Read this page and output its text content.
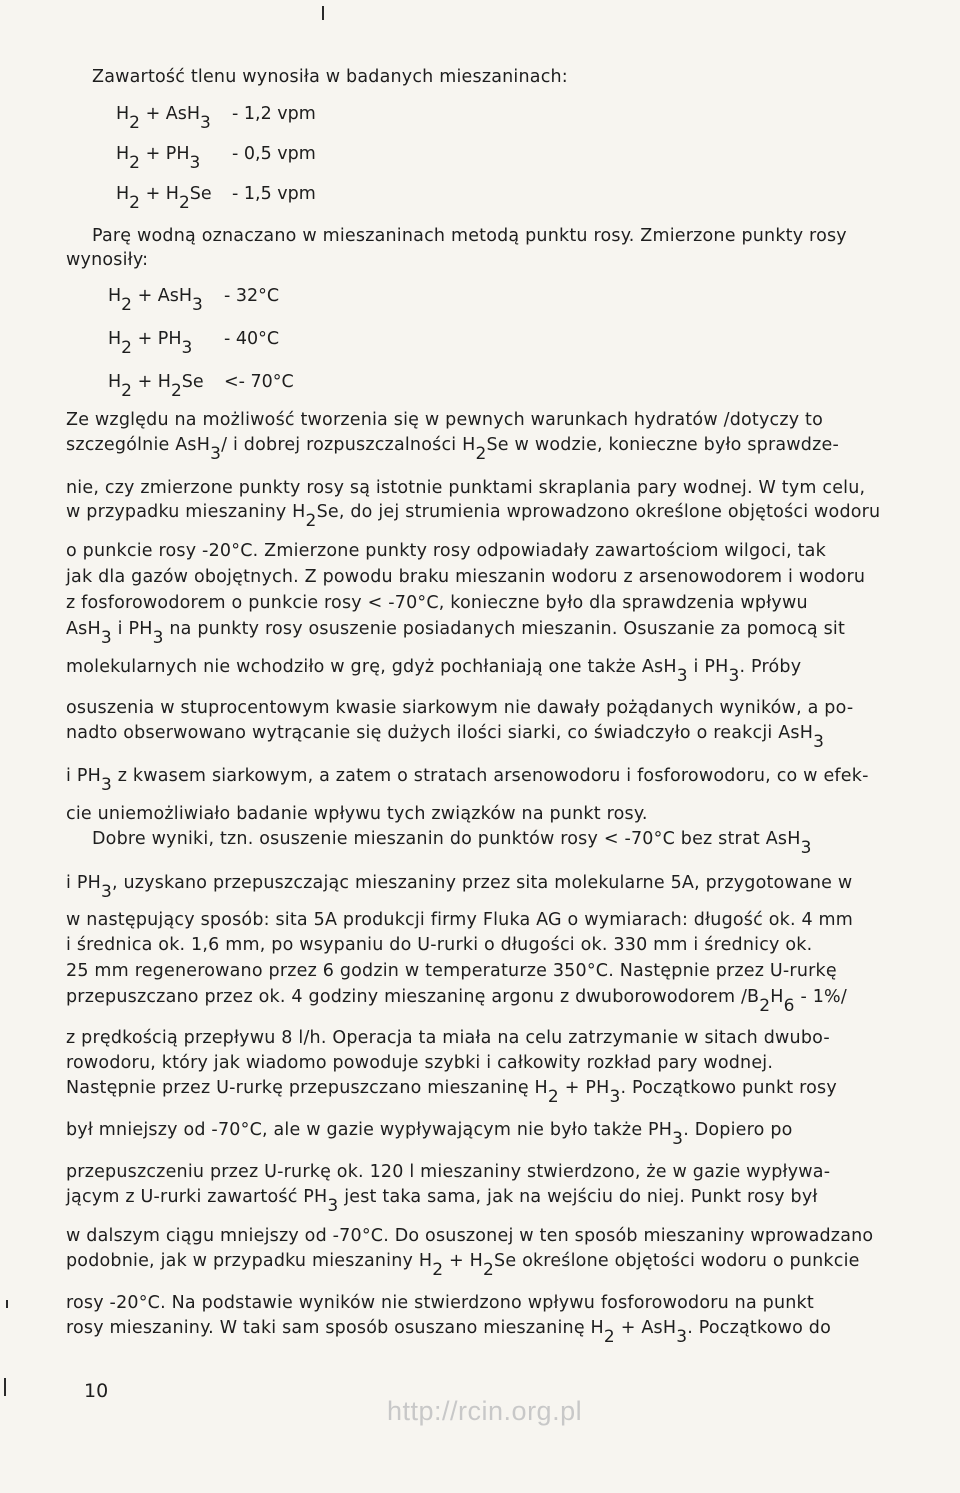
Zawartość tlenu wynosiła w badanych mieszaninach:
$H_2 + AsH_3 - 1,2$ vpm
$H_2 + PH_3 - 0,5$ vpm
$H_2 + H_2Se - 1,5$ vpm
Parę wodną oznaczano w mieszaninach metodą punktu rosy. Zmierzone punkty rosy
wynosiły:
$H_2 + AsH_3 - 32^\circ C$
$H_2 + PH_3 - 40^\circ C$
$H_2 + H_2Se <- 70^\circ C$
Ze względu na możliwość tworzenia się w pewnych warunkach hydratów /dotyczy to
szczególnie AsH$_3$/ i dobrej rozpuszczalności $H_2Se$ w wodzie, konieczne było sprawdze-
nie, czy zmierzone punkty rosy są istotnie punktami skraplania pary wodnej. W tym celu,
w przypadku mieszaniny $H_2Se$, do jej strumienia wprowadzono określone objętości wodoru
o punkcie rosy -20°C. Zmierzone punkty rosy odpowiadały zawartościom wilgoci, tak
jak dla gazów obojętnych. Z powodu braku mieszanin wodoru z arsenowodorem i wodoru
z fosforowodorem o punkcie rosy < -70°C, konieczne było dla sprawdzenia wpływu
AsH$_3$ i $PH_3$ na punkty rosy osuszenie posiadanych mieszanin. Osuszanie za pomocą sit
molekularnych nie wchodziło w grę, gdyż pochłaniają one także AsH$_3$ i $PH_3$. Próby
osuszenia w stuprocentowym kwasie siarkowym nie dawały pożądanych wyników, a po-
nadto obserwowano wytrącanie się dużych ilości siarki, co świadczyło o reakcji AsH$_3$
i $PH_3$ z kwasem siarkowym, a zatem o stratach arsenowodoru i fosforowodoru, co w efek-
cie uniemożliwiało badanie wpływu tych związków na punkt rosy.
Dobre wyniki, tzn. osuszenie mieszanin do punktów rosy < -70°C bez strat AsH$_3$
i $PH_3$, uzyskano przepuszczając mieszaniny przez sita molekularne 5A, przygotowane w
w następujący sposób: sita 5A produkcji firmy Fluka AG o wymiarach: długość ok. 4 mm
i średnica ok. 1,6 mm, po wsypaniu do U-rurki o długości ok. 330 mm i średnicy ok.
25 mm regenerowano przez 6 godzin w temperaturze 350°C. Następnie przez U-rurkę
przepuszczano przez ok. 4 godziny mieszaninę argonu z dwuborowodorem $/B_2H_6 - 1\%/$
z prędkością przepływu 8 l/h. Operacja ta miała na celu zatrzymanie w sitach dwubo-
rowodoru, który jak wiadomo powoduje szybki i całkowity rozkład pary wodnej.
Następnie przez U-rurkę przepuszczano mieszaninę $H_2 + PH_3$. Początkowo punkt rosy
był mniejszy od -70°C, ale w gazie wypływającym nie było także $PH_3$. Dopiero po
przepuszczeniu przez U-rurkę ok. 120 l mieszaniny stwierdzono, że w gazie wypływa-
jącym z U-rurki zawartość $PH_3$ jest taka sama, jak na wejściu do niej. Punkt rosy był
w dalszym ciągu mniejszy od -70°C. Do osuszonej w ten sposób mieszaniny wprowadzano
podobnie, jak w przypadku mieszaniny $H_2 + H_2Se$ określone objętości wodoru o punkcie
rosy -20°C. Na podstawie wyników nie stwierdzono wpływu fosforowodoru na punkt
rosy mieszaniny. W taki sam sposób osuszano mieszaninę $H_2 + AsH_3$. Początkowo do
10
http://rcin.org.pl
